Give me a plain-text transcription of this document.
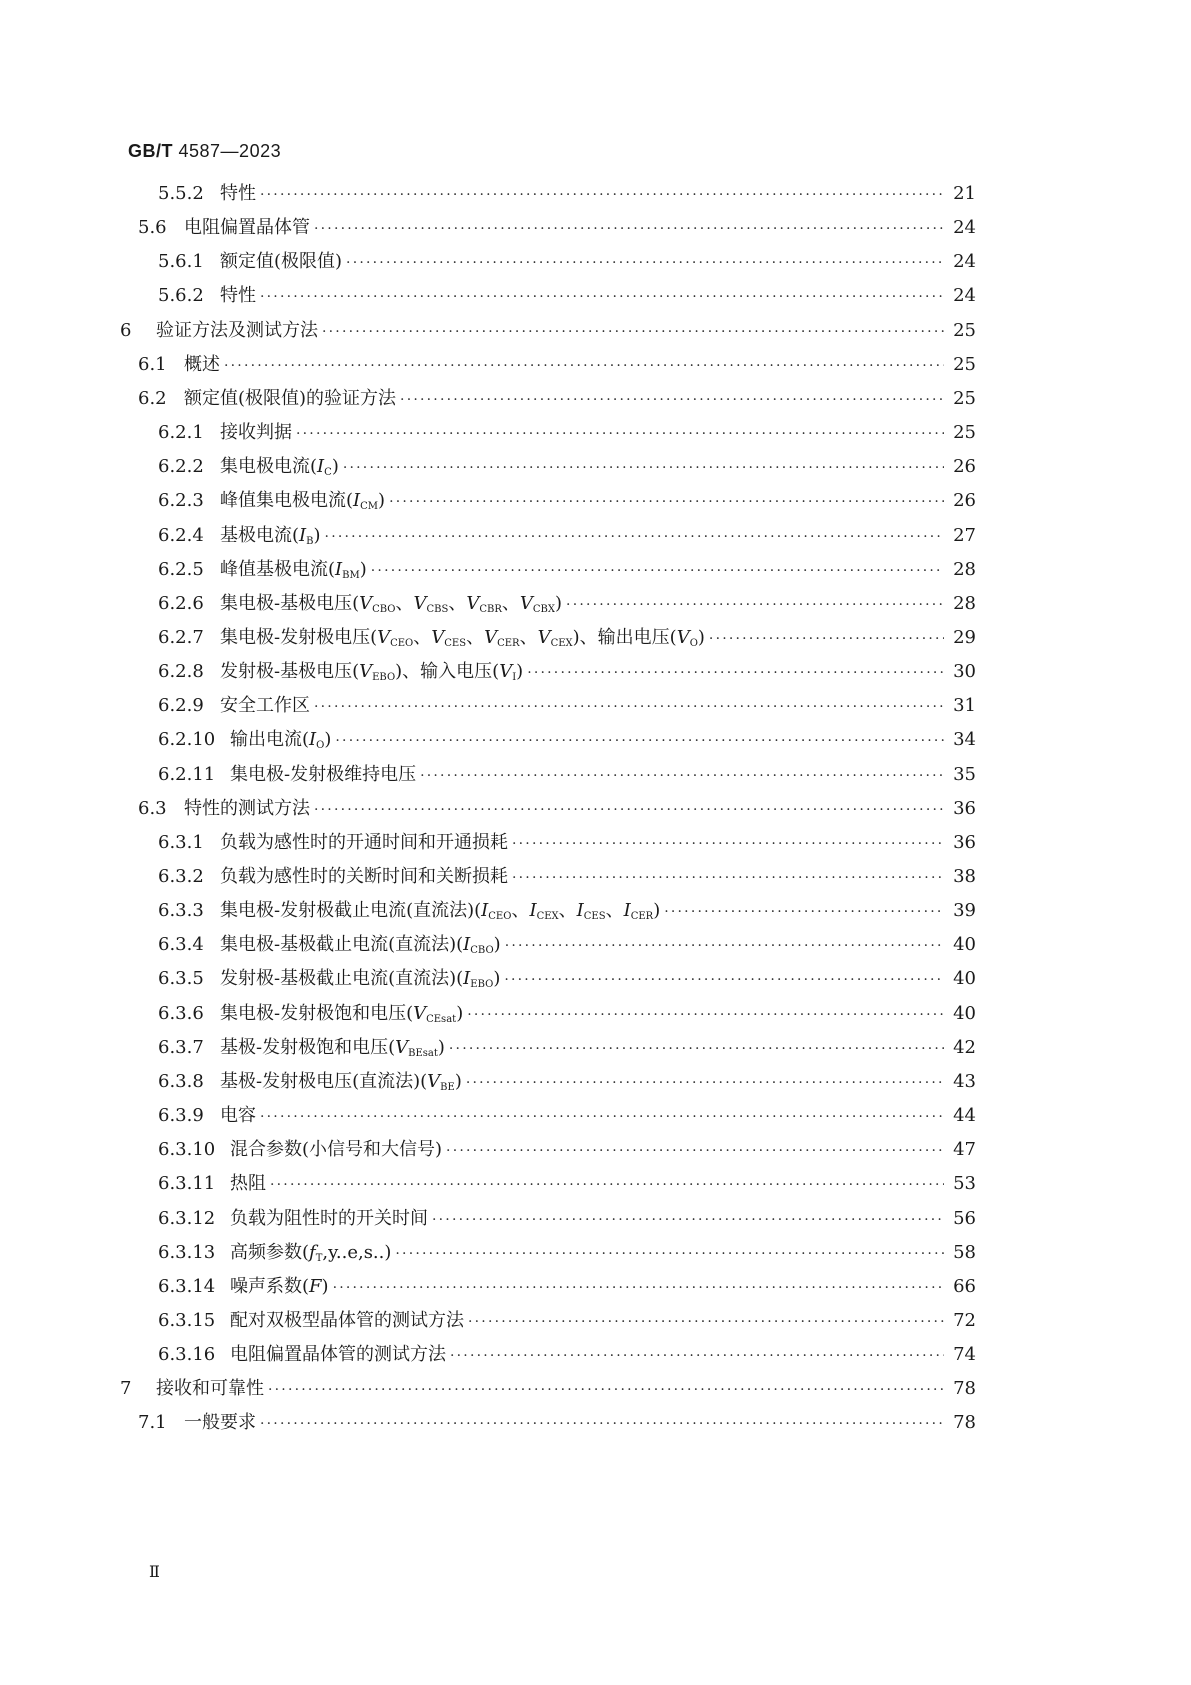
GB/T 4587—2023
5.5.2 特性 ·····	21
5.6 电阻偏置晶体管 ·····	24
5.6.1 额定值(极限值) ·····	24
5.6.2 特性 ·····	24
6	验证方法及测试方法 ·····	25
6.1 概述 ·····	25
6.2 额定值(极限值)的验证方法 ·····	25
6.2.1 接收判据 ·····	25
6.2.2 集电极电流$(I_C)$ ·····	26
6.2.3 峰值集电极电流$(I_{CM})$ ·····	26
6.2.4 基极电流$(I_B)$ ·····	27
6.2.5 峰值基极电流$(I_{BM})$ ·····	28
6.2.6 集电极-基极电压($V_{CBO}$、$V_{CBS}$、$V_{CBR}$、$V_{CBX}$) ·····	28
6.2.7 集电极-发射极电压($V_{CEO}$、$V_{CES}$、$V_{CER}$、$V_{CEX}$)、输出电压$(V_O)$ ·····	29
6.2.8 发射极-基极电压$(V_{EBO})$、输入电压$(V_I)$ ·····	30
6.2.9 安全工作区 ·····	31
6.2.10 输出电流$(I_O)$ ·····	34
6.2.11 集电极-发射极维持电压 ·····	35
6.3 特性的测试方法 ·····	36
6.3.1 负载为感性时的开通时间和开通损耗 ·····	36
6.3.2 负载为感性时的关断时间和关断损耗 ·····	38
6.3.3 集电极-发射极截止电流(直流法)($I_{CEO}$、$I_{CEX}$、$I_{CES}$、$I_{CER}$) ·····	39
6.3.4 集电极-基极截止电流(直流法)$(I_{CBO})$ ·····	40
6.3.5 发射极-基极截止电流(直流法)$(I_{EBO})$ ·····	40
6.3.6 集电极-发射极饱和电压$(V_{CEsat})$ ·····	40
6.3.7 基极-发射极饱和电压$(V_{BEsat})$ ·····	42
6.3.8 基极-发射极电压(直流法)$(V_{BE})$ ·····	43
6.3.9 电容 ·····	44
6.3.10 混合参数(小信号和大信号) ·····	47
6.3.11 热阻 ·····	53
6.3.12 负载为阻性时的开关时间 ·····	56
6.3.13 高频参数$(f_T,y..e,s..)$ ·····	58
6.3.14 噪声系数(F) ·····	66
6.3.15 配对双极型晶体管的测试方法 ·····	72
6.3.16 电阻偏置晶体管的测试方法 ·····	74
7	接收和可靠性 ·····	78
7.1 一般要求 ·····	78
Ⅱ
